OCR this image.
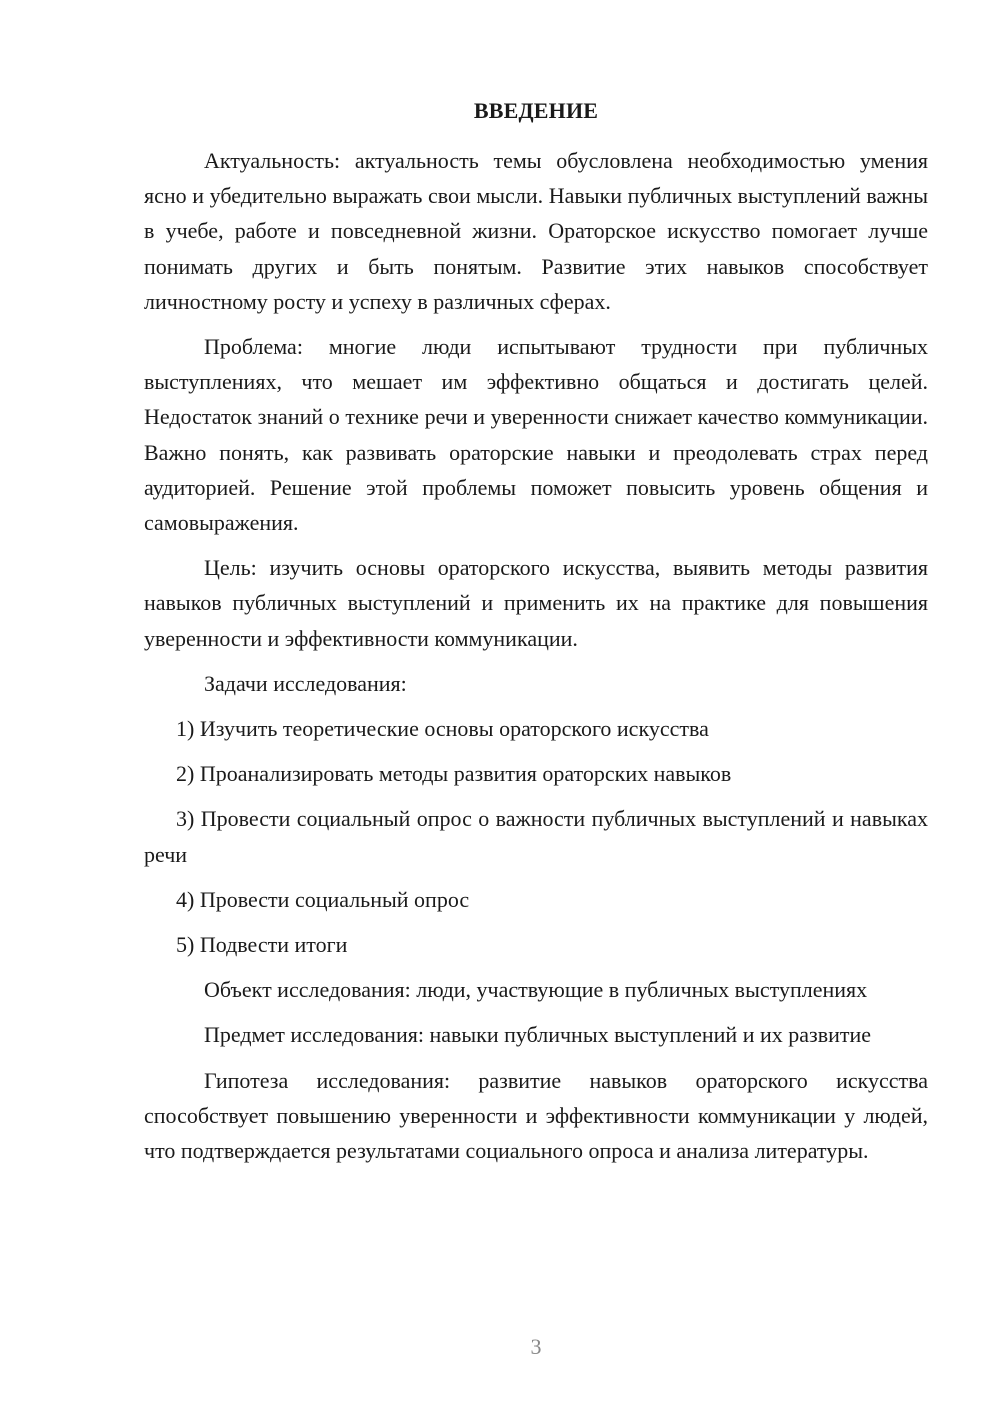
ВВЕДЕНИЕ

Актуальность: актуальность темы обусловлена необходимостью умения ясно и убедительно выражать свои мысли. Навыки публичных выступлений важны в учебе, работе и повседневной жизни. Ораторское искусство помогает лучше понимать других и быть понятым. Развитие этих навыков способствует личностному росту и успеху в различных сферах.

Проблема: многие люди испытывают трудности при публичных выступлениях, что мешает им эффективно общаться и достигать целей. Недостаток знаний о технике речи и уверенности снижает качество коммуникации. Важно понять, как развивать ораторские навыки и преодолевать страх перед аудиторией. Решение этой проблемы поможет повысить уровень общения и самовыражения.

Цель: изучить основы ораторского искусства, выявить методы развития навыков публичных выступлений и применить их на практике для повышения уверенности и эффективности коммуникации.

Задачи исследования:

1) Изучить теоретические основы ораторского искусства

2) Проанализировать методы развития ораторских навыков

3) Провести социальный опрос о важности публичных выступлений и навыках речи

4) Провести социальный опрос

5) Подвести итоги

Объект исследования: люди, участвующие в публичных выступлениях

Предмет исследования: навыки публичных выступлений и их развитие

Гипотеза исследования: развитие навыков ораторского искусства способствует повышению уверенности и эффективности коммуникации у людей, что подтверждается результатами социального опроса и анализа литературы.

3
